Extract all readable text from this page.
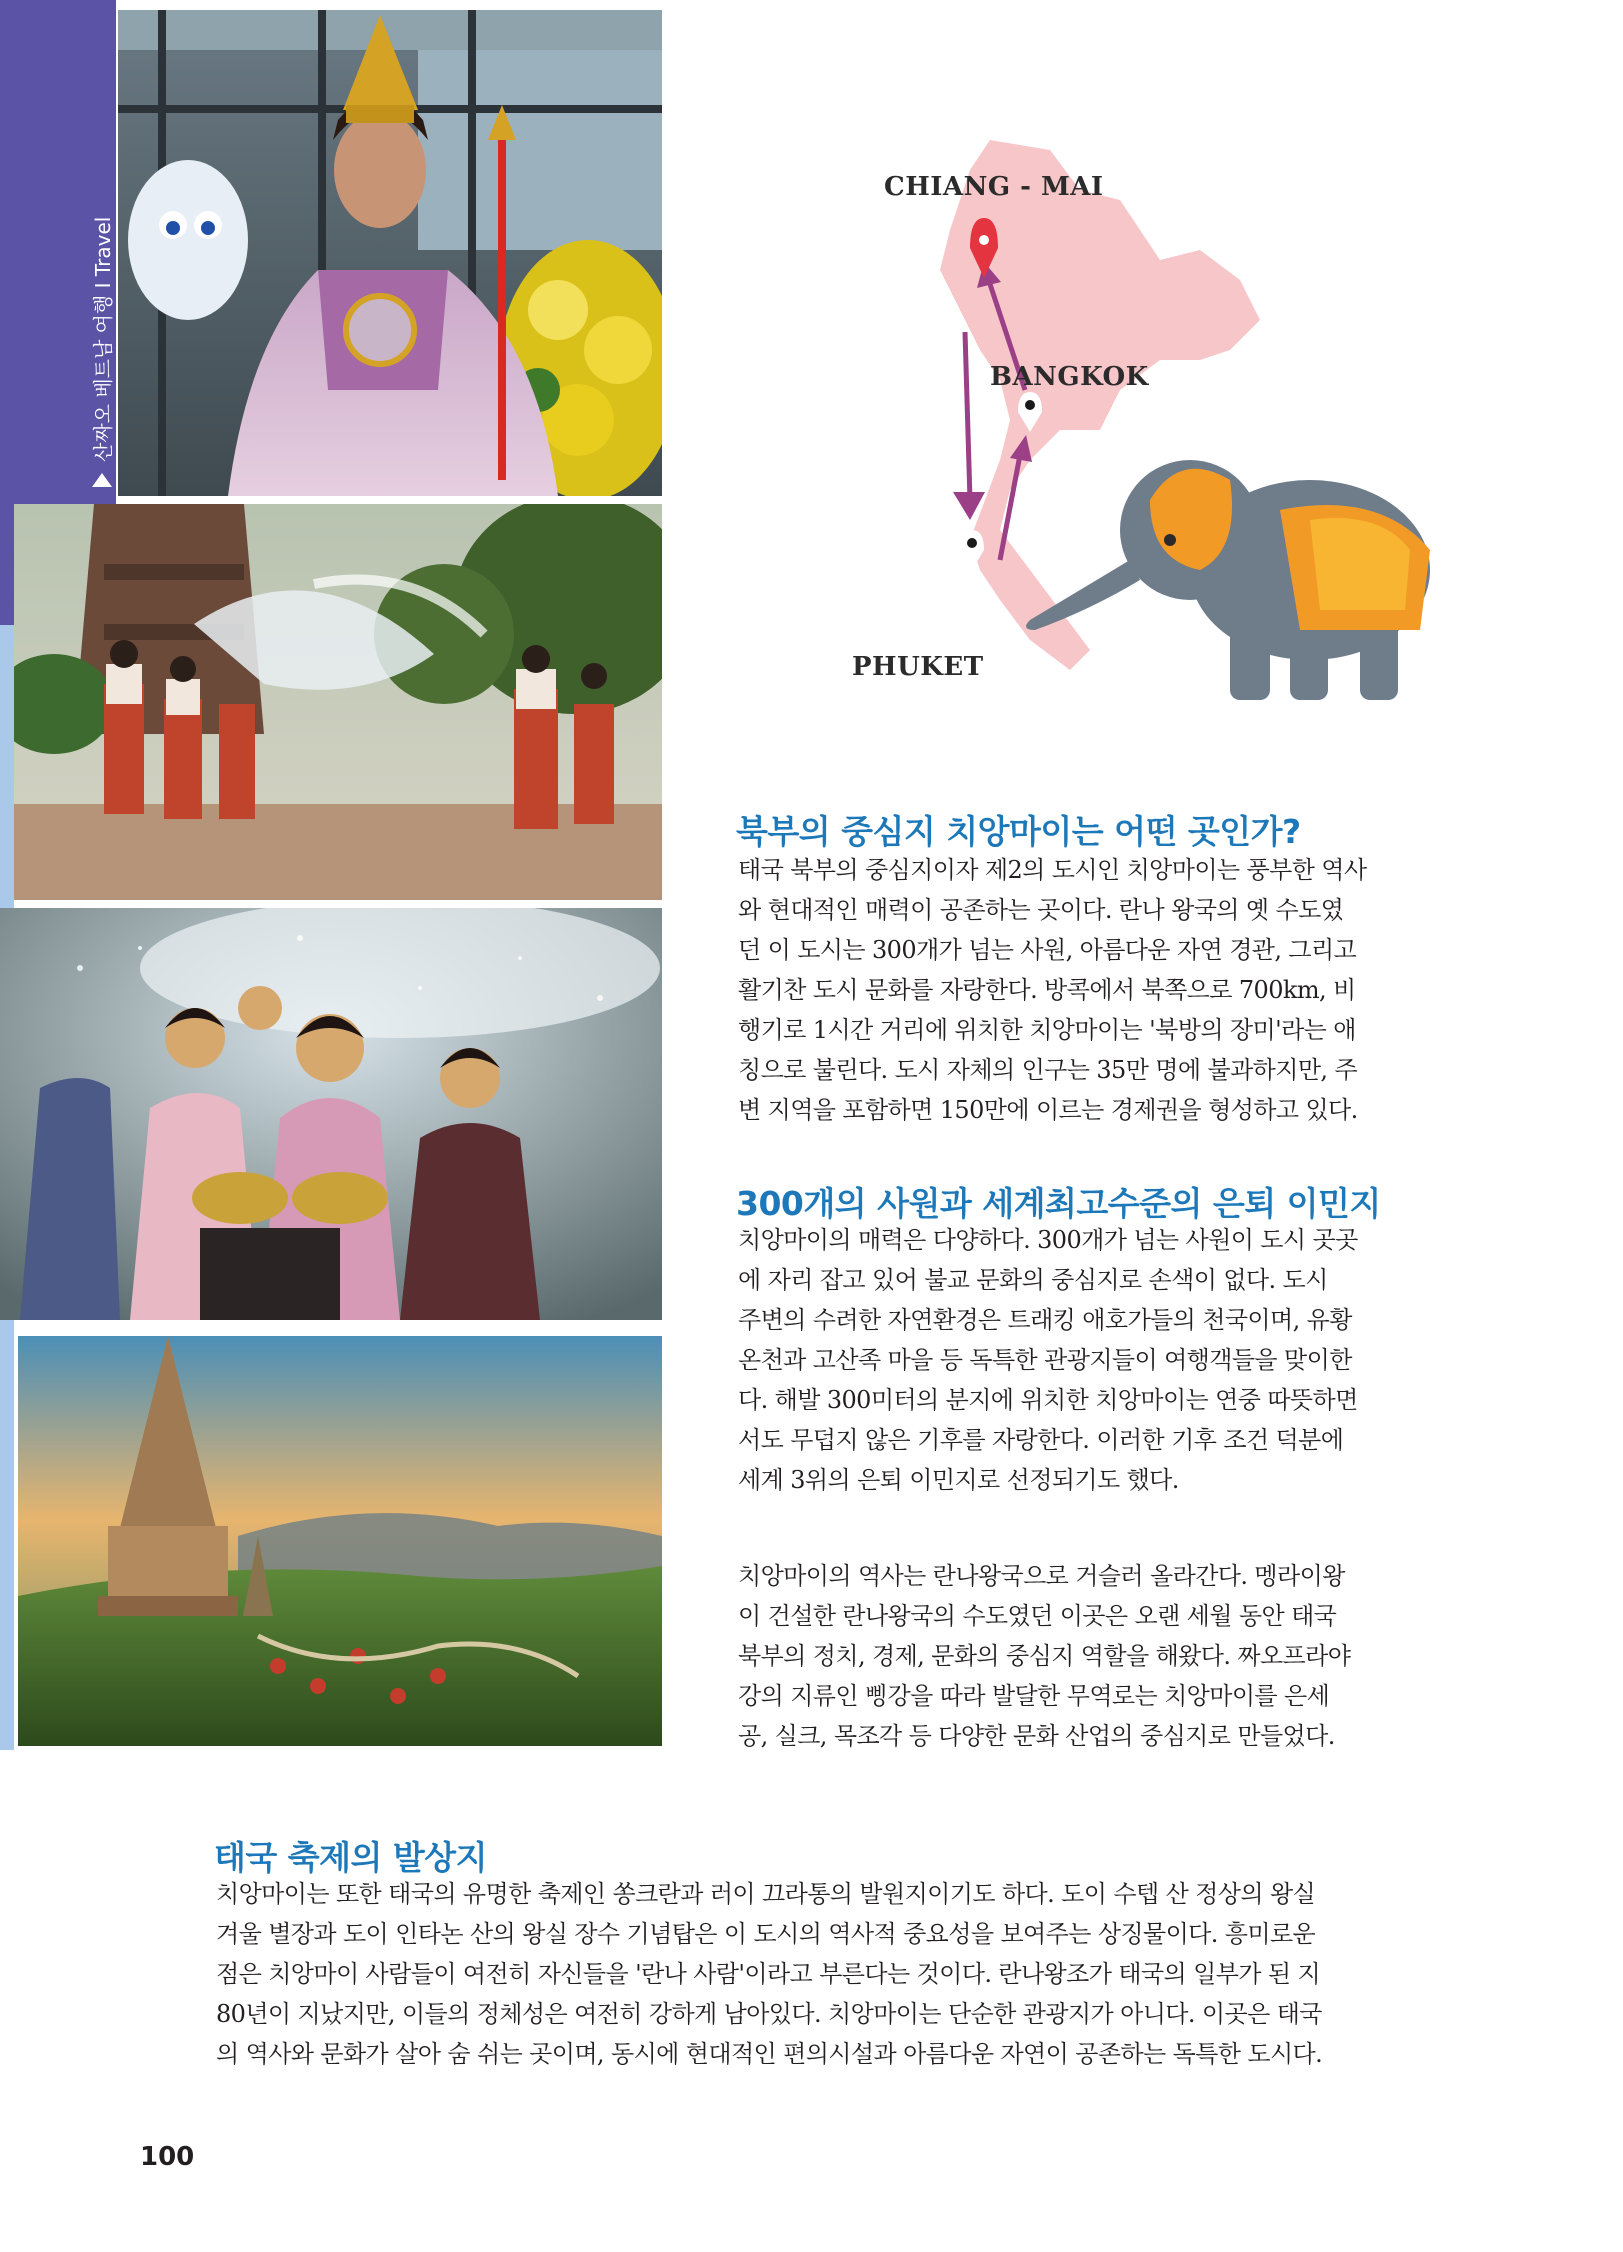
산짜오 베트남 여행 I Travel
CHIANG - MAI
BANGKOK
PHUKET
북부의 중심지 치앙마이는 어떤 곳인가?
태국 북부의 중심지이자 제2의 도시인 치앙마이는 풍부한 역사
와 현대적인 매력이 공존하는 곳이다. 란나 왕국의 옛 수도였
던 이 도시는 300개가 넘는 사원, 아름다운 자연 경관, 그리고
활기찬 도시 문화를 자랑한다. 방콕에서 북쪽으로 700km, 비
행기로 1시간 거리에 위치한 치앙마이는 '북방의 장미'라는 애
칭으로 불린다. 도시 자체의 인구는 35만 명에 불과하지만, 주
변 지역을 포함하면 150만에 이르는 경제권을 형성하고 있다.
300개의 사원과 세계최고수준의 은퇴 이민지
치앙마이의 매력은 다양하다. 300개가 넘는 사원이 도시 곳곳
에 자리 잡고 있어 불교 문화의 중심지로 손색이 없다. 도시
주변의 수려한 자연환경은 트래킹 애호가들의 천국이며, 유황
온천과 고산족 마을 등 독특한 관광지들이 여행객들을 맞이한
다. 해발 300미터의 분지에 위치한 치앙마이는 연중 따뜻하면
서도 무덥지 않은 기후를 자랑한다. 이러한 기후 조건 덕분에
세계 3위의 은퇴 이민지로 선정되기도 했다.
치앙마이의 역사는 란나왕국으로 거슬러 올라간다. 멩라이왕
이 건설한 란나왕국의 수도였던 이곳은 오랜 세월 동안 태국
북부의 정치, 경제, 문화의 중심지 역할을 해왔다. 짜오프라야
강의 지류인 삥강을 따라 발달한 무역로는 치앙마이를 은세
공, 실크, 목조각 등 다양한 문화 산업의 중심지로 만들었다.
태국 축제의 발상지
치앙마이는 또한 태국의 유명한 축제인 쏭크란과 러이 끄라통의 발원지이기도 하다. 도이 수텝 산 정상의 왕실
겨울 별장과 도이 인타논 산의 왕실 장수 기념탑은 이 도시의 역사적 중요성을 보여주는 상징물이다. 흥미로운
점은 치앙마이 사람들이 여전히 자신들을 '란나 사람'이라고 부른다는 것이다. 란나왕조가 태국의 일부가 된 지
80년이 지났지만, 이들의 정체성은 여전히 강하게 남아있다. 치앙마이는 단순한 관광지가 아니다. 이곳은 태국
의 역사와 문화가 살아 숨 쉬는 곳이며, 동시에 현대적인 편의시설과 아름다운 자연이 공존하는 독특한 도시다.
100
